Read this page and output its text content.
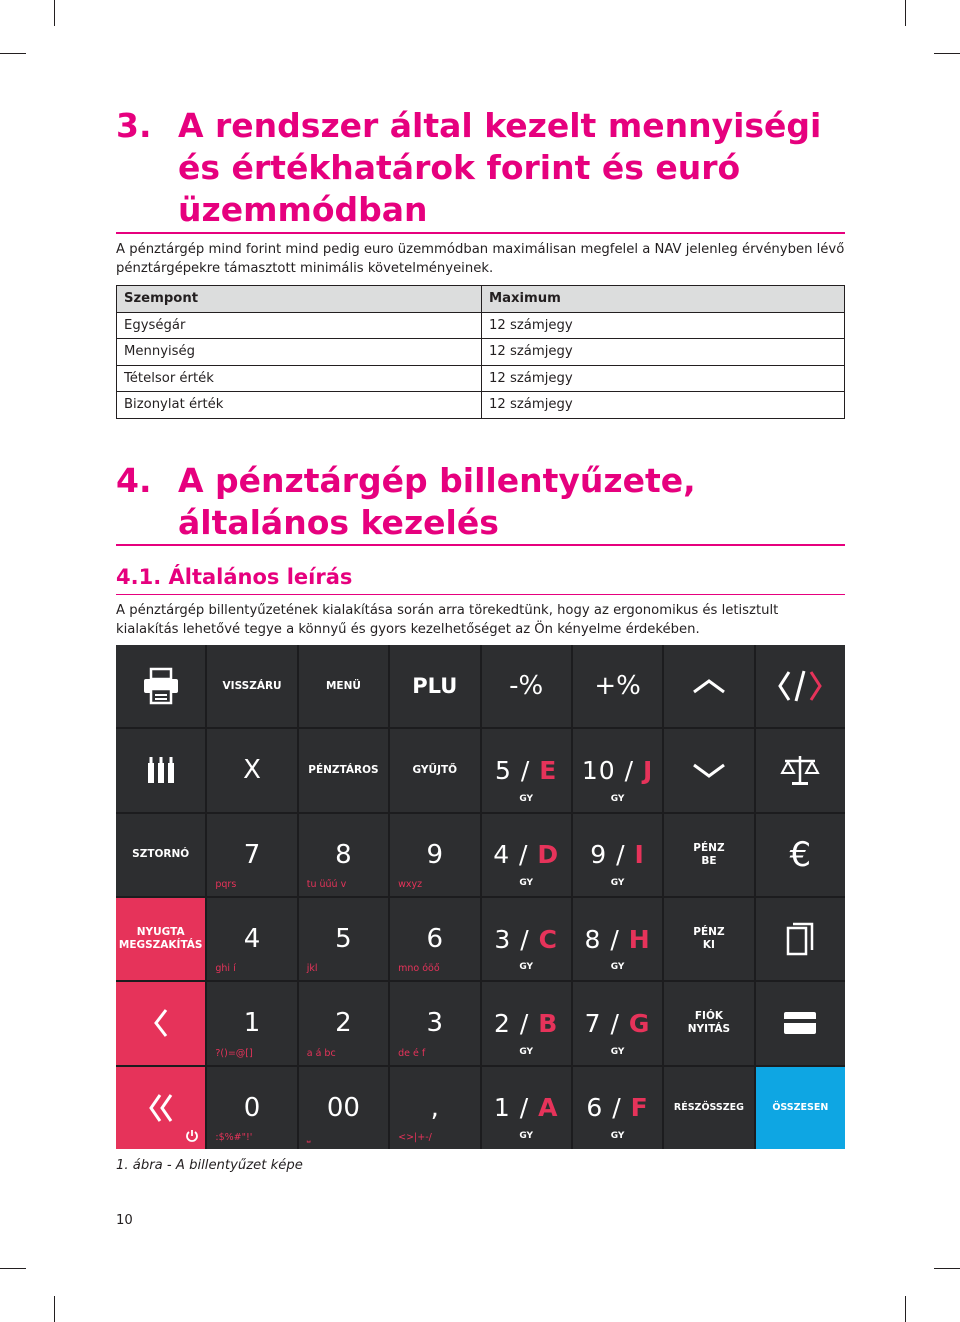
3. A rendszer által kezelt mennyiségi és értékhatárok forint és euró üzemmódban

A pénztárgép mind forint mind pedig euro üzemmódban maximálisan megfelel a NAV jelenleg érvényben lévő pénztárgépekre támasztott minimális követelményeinek.

Szempont	Maximum
Egységár	12 számjegy
Mennyiség	12 számjegy
Tételsor érték	12 számjegy
Bizonylat érték	12 számjegy
4. A pénztárgép billentyűzete, általános kezelés
4.1. Általános leírás

A pénztárgép billentyűzetének kialakítása során arra törekedtünk, hogy az ergonomikus és letisztult kialakítás lehetővé tegye a könnyű és gyors kezelhetőséget az Ön kényelme érdekében.

VISSZÁRU	MENÜ	PLU	-%	+%
X	PÉNZTÁROS	GYŰJTŐ	5 / E
GY
10 / J
GY
SZTORNÓ	7
pqrs
8
tu üűú v
9
wxyz
4 / D
GY
9 / I
GY
PÉNZ BE	€
NYUGTA MEGSZAKÍTÁS 4
ghi í
5
jkl
6
mno óöő
3 / C
GY
8 / H
GY
PÉNZ KI
1
?()=@[]
2
a á bc
3
de é f
2 / B
GY
7 / G
GY
FIÓK NYITÁS
0
:$%#"!'
00
⎵
,
<>|+-/
1 / A
GY
6 / F
GY
RÉSZÖSSZEG	ÖSSZESEN
1. ábra - A billentyűzet képe
10
